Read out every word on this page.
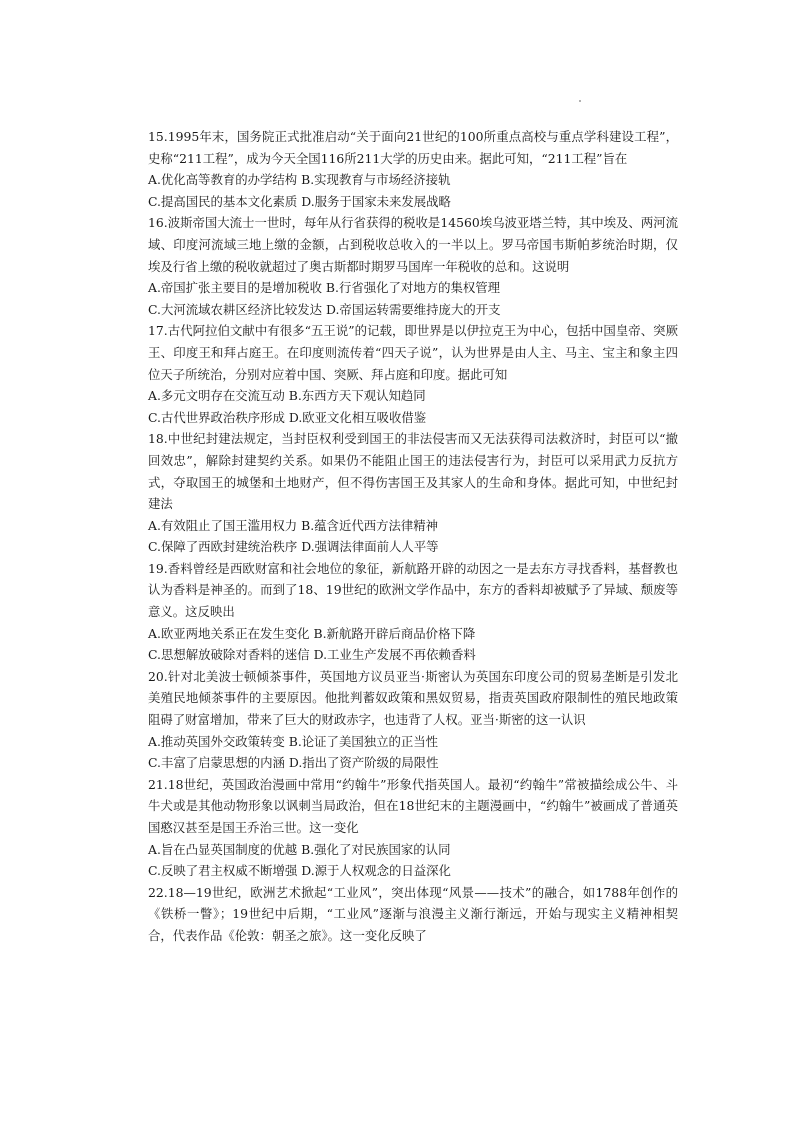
15.1995年末，国务院正式批准启动“关于面向21世纪的100所重点高校与重点学科建设工程”，史称“211工程”，成为今天全国116所211大学的历史由来。据此可知，“211工程”旨在

A.优化高等教育的办学结构 B.实现教育与市场经济接轨

C.提高国民的基本文化素质 D.服务于国家未来发展战略

16.波斯帝国大流士一世时，每年从行省获得的税收是14560埃乌波亚塔兰特，其中埃及、两河流域、印度河流域三地上缴的金额，占到税收总收入的一半以上。罗马帝国韦斯帕芗统治时期，仅埃及行省上缴的税收就超过了奥古斯都时期罗马国库一年税收的总和。这说明

A.帝国扩张主要目的是增加税收 B.行省强化了对地方的集权管理

C.大河流域农耕区经济比较发达 D.帝国运转需要维持庞大的开支

17.古代阿拉伯文献中有很多“五王说”的记载，即世界是以伊拉克王为中心，包括中国皇帝、突厥王、印度王和拜占庭王。在印度则流传着“四天子说”，认为世界是由人主、马主、宝主和象主四位天子所统治，分别对应着中国、突厥、拜占庭和印度。据此可知

A.多元文明存在交流互动 B.东西方天下观认知趋同

C.古代世界政治秩序形成 D.欧亚文化相互吸收借鉴

18.中世纪封建法规定，当封臣权利受到国王的非法侵害而又无法获得司法救济时，封臣可以“撤回效忠”，解除封建契约关系。如果仍不能阻止国王的违法侵害行为，封臣可以采用武力反抗方式，夺取国王的城堡和土地财产，但不得伤害国王及其家人的生命和身体。据此可知，中世纪封建法

A.有效阻止了国王滥用权力 B.蕴含近代西方法律精神

C.保障了西欧封建统治秩序 D.强调法律面前人人平等

19.香料曾经是西欧财富和社会地位的象征，新航路开辟的动因之一是去东方寻找香料，基督教也认为香料是神圣的。而到了18、19世纪的欧洲文学作品中，东方的香料却被赋予了异域、颓废等意义。这反映出

A.欧亚两地关系正在发生变化 B.新航路开辟后商品价格下降

C.思想解放破除对香料的迷信 D.工业生产发展不再依赖香料

20.针对北美波士顿倾茶事件，英国地方议员亚当·斯密认为英国东印度公司的贸易垄断是引发北美殖民地倾茶事件的主要原因。他批判蓄奴政策和黑奴贸易，指责英国政府限制性的殖民地政策阻碍了财富增加，带来了巨大的财政赤字，也违背了人权。亚当·斯密的这一认识

A.推动英国外交政策转变 B.论证了美国独立的正当性

C.丰富了启蒙思想的内涵 D.指出了资产阶级的局限性

21.18世纪，英国政治漫画中常用“约翰牛”形象代指英国人。最初“约翰牛”常被描绘成公牛、斗牛犬或是其他动物形象以讽刺当局政治，但在18世纪末的主题漫画中，“约翰牛”被画成了普通英国憨汉甚至是国王乔治三世。这一变化

A.旨在凸显英国制度的优越 B.强化了对民族国家的认同

C.反映了君主权威不断增强 D.源于人权观念的日益深化

22.18—19世纪，欧洲艺术掀起“工业风”，突出体现“风景——技术”的融合，如1788年创作的《铁桥一瞥》；19世纪中后期，“工业风”逐渐与浪漫主义渐行渐远，开始与现实主义精神相契合，代表作品《伦敦：朝圣之旅》。这一变化反映了
